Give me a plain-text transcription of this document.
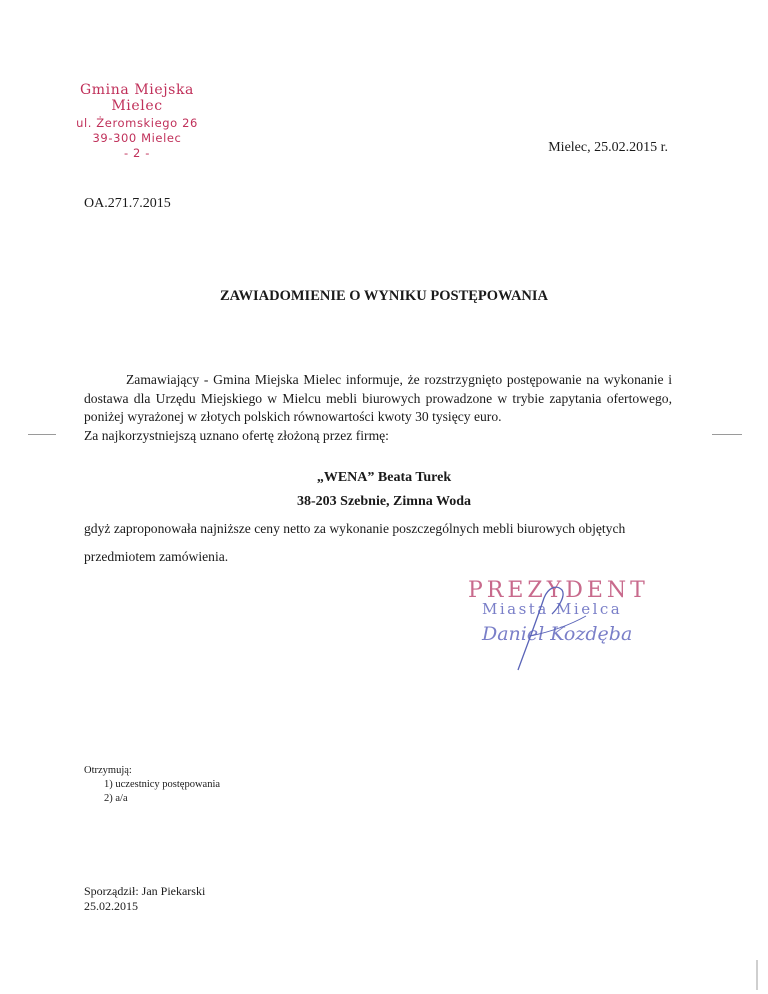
Gmina Miejska Mielec
ul. Żeromskiego 26
39-300 Mielec
- 2 -	Mielec, 25.02.2015 r.
OA.271.7.2015
ZAWIADOMIENIE O WYNIKU POSTĘPOWANIA

Zamawiający - Gmina Miejska Mielec informuje, że rozstrzygnięto postępowanie na wykonanie i dostawa dla Urzędu Miejskiego w Mielcu mebli biurowych prowadzone w trybie zapytania ofertowego, poniżej wyrażonej w złotych polskich równowartości kwoty 30 tysięcy euro.

Za najkorzystniejszą uznano ofertę złożoną przez firmę:

„WENA” Beata Turek
38-203 Szebnie, Zimna Woda
gdyż zaproponowała najniższe ceny netto za wykonanie poszczególnych mebli biurowych objętych przedmiotem zamówienia.
PREZYDENT
Miasta Mielca
Daniel Kozdęba
Otrzymują:
1) uczestnicy postępowania
2) a/a
Sporządził: Jan Piekarski
25.02.2015
